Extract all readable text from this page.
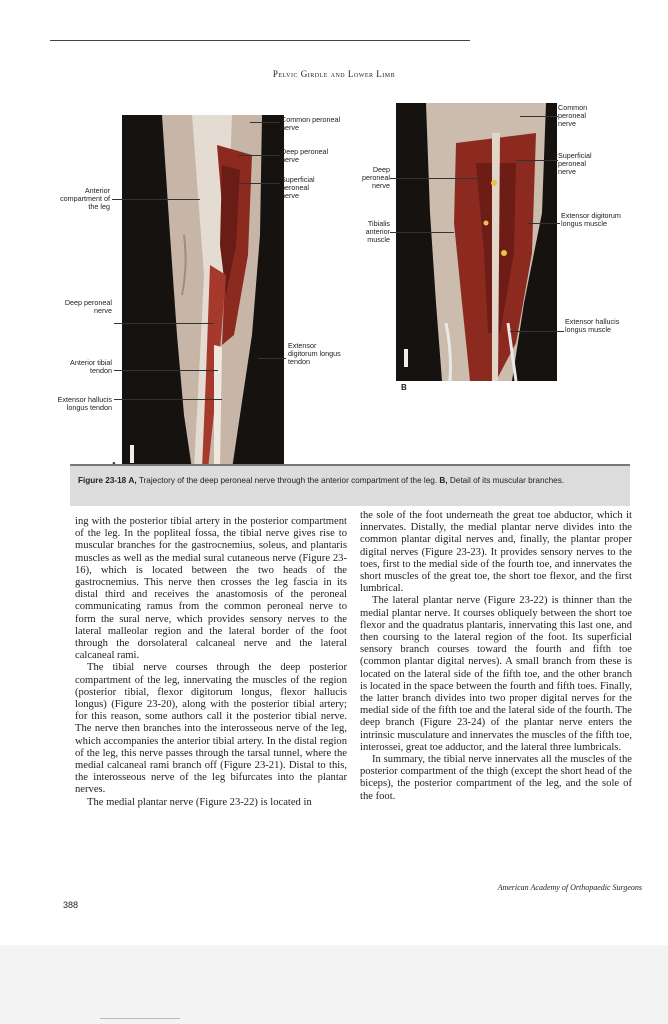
Pelvic Girdle and Lower Limb
Common peroneal nerve
Deep peroneal nerve
Superficial peroneal nerve
Extensor digitorum longus tendon
Anterior compartment of the leg
Deep peroneal nerve
Anterior tibial tendon
Extensor hallucis longus tendon
Common peroneal nerve
Superficial peroneal nerve
Extensor digitorum longus muscle
Extensor hallucis longus muscle
Deep peroneal nerve
Tibialis anterior muscle
B
Figure 23-18 A, Trajectory of the deep peroneal nerve through the anterior compartment of the leg. B, Detail of its muscular branches.

ing with the posterior tibial artery in the posterior compartment of the leg. In the popliteal fossa, the tibial nerve gives rise to muscular branches for the gastrocnemius, soleus, and plantaris muscles as well as the medial sural cutaneous nerve (Figure 23-16), which is located between the two heads of the gastrocnemius. This nerve then crosses the leg fascia in its distal third and receives the anastomosis of the peroneal communicating ramus from the common peroneal nerve to form the sural nerve, which provides sensory nerves to the lateral malleolar region and the lateral border of the foot through the dorsolateral calcaneal nerve and the lateral calcaneal rami.

The tibial nerve courses through the deep posterior compartment of the leg, innervating the muscles of the region (posterior tibial, flexor digitorum longus, flexor hallucis longus) (Figure 23-20), along with the posterior tibial artery; for this reason, some authors call it the posterior tibial nerve. The nerve then branches into the interosseous nerve of the leg, which accompanies the anterior tibial artery. In the distal region of the leg, this nerve passes through the tarsal tunnel, where the medial calcaneal rami branch off (Figure 23-21). Distal to this, the interosseous nerve of the leg bifurcates into the plantar nerves.

The medial plantar nerve (Figure 23-22) is located in

the sole of the foot underneath the great toe abductor, which it innervates. Distally, the medial plantar nerve divides into the common plantar digital nerves and, finally, the plantar proper digital nerves (Figure 23-23). It provides sensory nerves to the toes, first to the medial side of the fourth toe, and innervates the short muscles of the great toe, the short toe flexor, and the first lumbrical.

The lateral plantar nerve (Figure 23-22) is thinner than the medial plantar nerve. It courses obliquely between the short toe flexor and the quadratus plantaris, innervating this last one, and then coursing to the lateral region of the foot. Its superficial sensory branch courses toward the fourth and fifth toe (common plantar digital nerves). A small branch from these is located on the lateral side of the fifth toe, and the other branch is located in the space between the fourth and fifth toes. Finally, the latter branch divides into two proper digital nerves for the medial side of the fifth toe and the lateral side of the fourth. The deep branch (Figure 23-24) of the plantar nerve enters the intrinsic musculature and innervates the muscles of the fifth toe, interossei, great toe adductor, and the lateral three lumbricals.

In summary, the tibial nerve innervates all the muscles of the posterior compartment of the thigh (except the short head of the biceps), the posterior compartment of the leg, and the sole of the foot.

American Academy of Orthopaedic Surgeons
388
